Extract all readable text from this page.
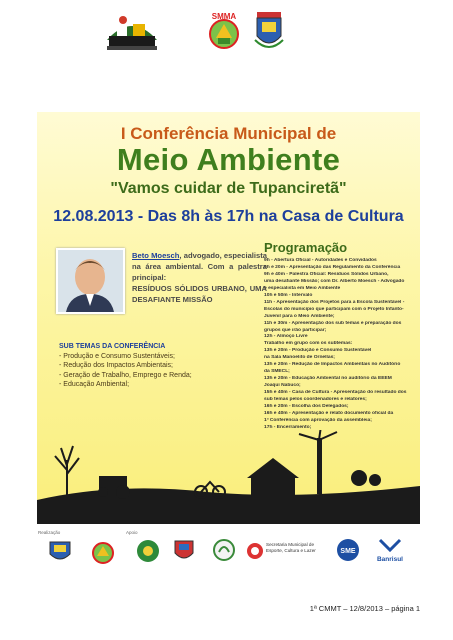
SMMA
I Conferência Municipal de
Meio Ambiente
"Vamos cuidar de Tupanciretã"
12.08.2013 - Das 8h às 17h na Casa de Cultura
Beto Moesch, advogado, especialista na área ambiental. Com a palestra principal:
RESÍDUOS SÓLIDOS URBANO, UMA DESAFIANTE MISSÃO
Programação
9h - Abertura Oficial - Autoridades e Convidados
9h e 20m - Apresentação das Regulamento da Conferência
9h e 40m - Palestra Oficial: Resíduos Sólidos Urbano,
uma desafiante Missão; com Dr. Alberto Moesch - Advogado
e especialista em Meio Ambiente
10h e 50m - Intervalo
11h - Apresentação dos Projetos para a Escola Sustentável -
Escolas do município que participam com o Projeto Infanto-
Juvenil para o Meio Ambiente;
11h e 30m - Apresentação dos sub temas e preparação dos
grupos que irão participar;
12h - Almoço Livre
Trabalho em grupo com os subtemas:
13h e 20m - Produção e Consumo Sustentável
na Sala Manoelito de Ornellas;
13h e 20m - Redução de Impactos Ambientais no Auditório
da SMECL;
13h e 20m - Educação Ambiental no auditório da EEEM
Joaquí Nabuco;
15h e 40m - Casa de Cultura - Apresentação do resultado dos
sub temas pelos coordenadores e relatores;
16h e 20m - Escolha dos Delegados;
16h e 40m - Apresentação e relato documento oficial da
1ª Conferência com aprovação da assembleia;
17h - Encerramento;
SUB TEMAS DA CONFERÊNCIA
- Produção e Consumo Sustentáveis;
- Redução dos Impactos Ambientais;
- Geração de Trabalho, Emprego e Renda;
- Educação Ambiental;
Realização	Apoio
Secretaria Municipal de Esporte, Cultura e Lazer	SME
Banrisul
1ª CMMT – 12/8/2013 – página 1
